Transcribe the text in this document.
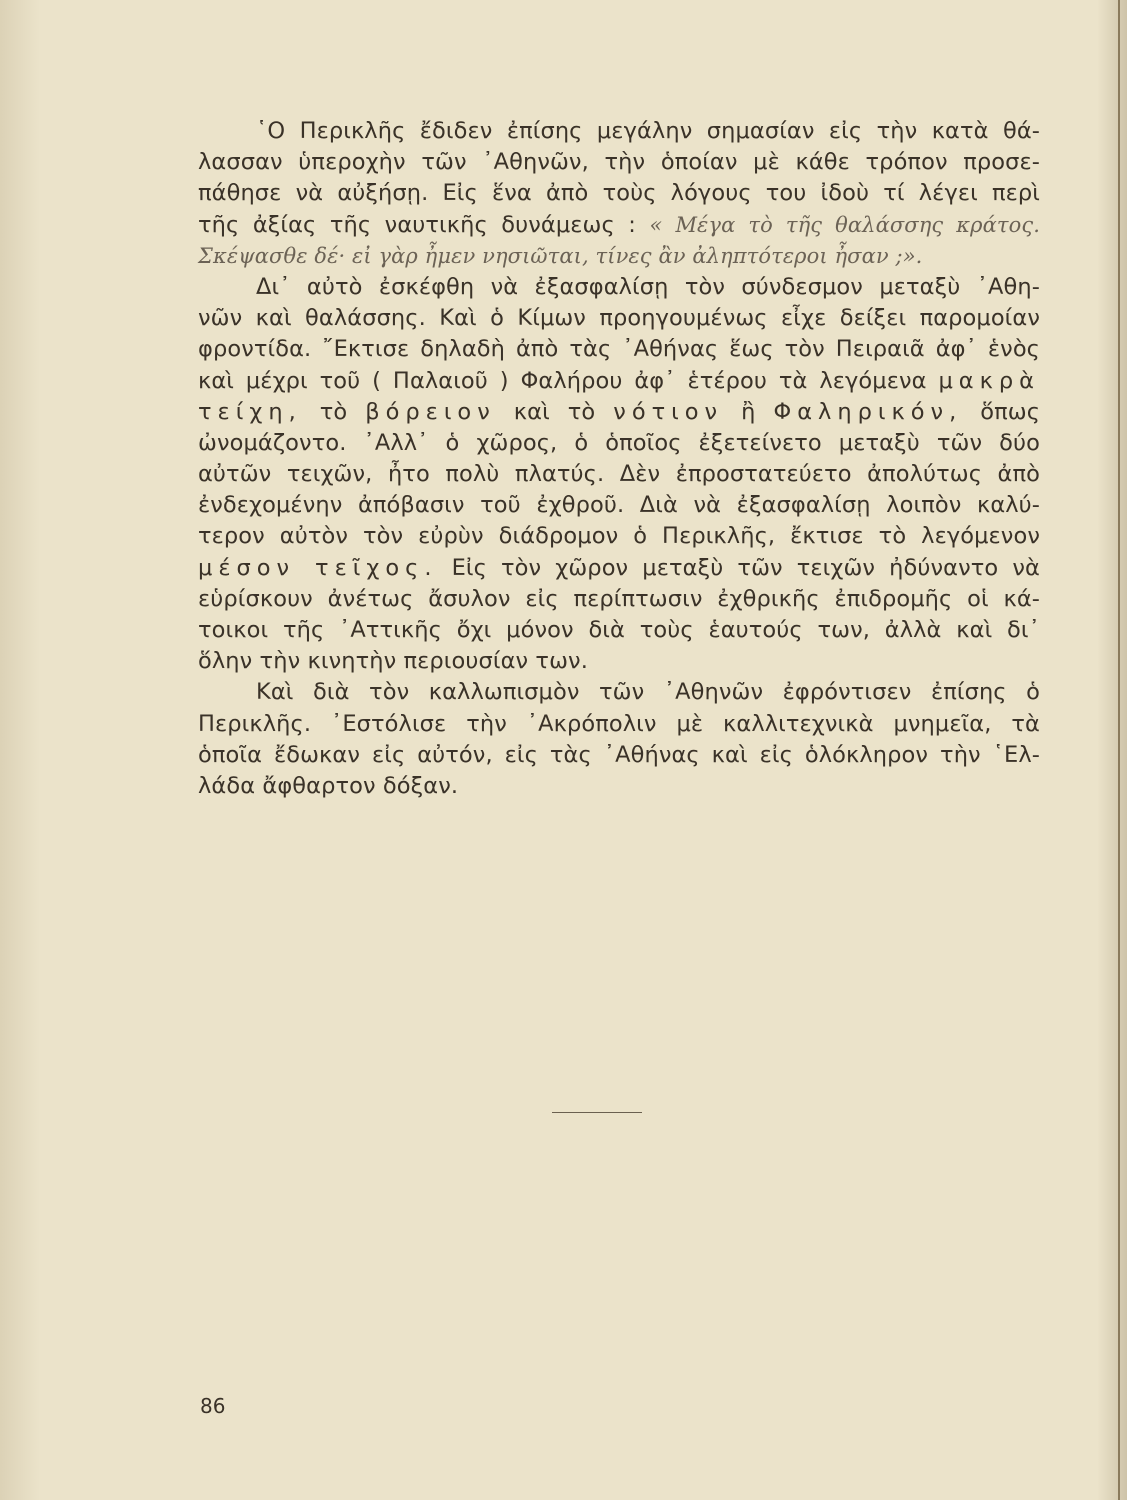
῾Ο Περικλῆς ἔδιδεν ἐπίσης μεγάλην σημασίαν εἰς τὴν κατὰ θά-
λασσαν ὑπεροχὴν τῶν ᾿Αθηνῶν, τὴν ὁποίαν μὲ κάθε τρόπον προσε-
πάθησε νὰ αὐξήσῃ. Εἰς ἕνα ἀπὸ τοὺς λόγους του ἰδοὺ τί λέγει περὶ
τῆς ἀξίας τῆς ναυτικῆς δυνάμεως : « Μέγα τὸ τῆς θαλάσσης κράτος.
Σκέψασθε δέ· εἰ γὰρ ἦμεν νησιῶται, τίνες ἂν ἀληπτότεροι ἦσαν ;».
Δι᾿ αὐτὸ ἐσκέφθη νὰ ἐξασφαλίσῃ τὸν σύνδεσμον μεταξὺ ᾿Αθη-
νῶν καὶ θαλάσσης. Καὶ ὁ Κίμων προηγουμένως εἶχε δείξει παρομοίαν
φροντίδα. ῎Εκτισε δηλαδὴ ἀπὸ τὰς ᾿Αθήνας ἕως τὸν Πειραιᾶ ἀφ᾿ ἑνὸς
καὶ μέχρι τοῦ ( Παλαιοῦ ) Φαλήρου ἀφ᾿ ἑτέρου τὰ λεγόμενα μακρὰ
τείχη, τὸ βόρειον καὶ τὸ νότιον ἢ Φαληρικόν, ὅπως
ὠνομάζοντο. ᾿Αλλ᾿ ὁ χῶρος, ὁ ὁποῖος ἐξετείνετο μεταξὺ τῶν δύο
αὐτῶν τειχῶν, ἦτο πολὺ πλατύς. Δὲν ἐπροστατεύετο ἀπολύτως ἀπὸ
ἐνδεχομένην ἀπόβασιν τοῦ ἐχθροῦ. Διὰ νὰ ἐξασφαλίσῃ λοιπὸν καλύ-
τερον αὐτὸν τὸν εὐρὺν διάδρομον ὁ Περικλῆς, ἔκτισε τὸ λεγόμενον
μέσον τεῖχος. Εἰς τὸν χῶρον μεταξὺ τῶν τειχῶν ἠδύναντο νὰ
εὑρίσκουν ἀνέτως ἄσυλον εἰς περίπτωσιν ἐχθρικῆς ἐπιδρομῆς οἱ κά-
τοικοι τῆς ᾿Αττικῆς ὄχι μόνον διὰ τοὺς ἑαυτούς των, ἀλλὰ καὶ δι᾿
ὅλην τὴν κινητὴν περιουσίαν των.
Καὶ διὰ τὸν καλλωπισμὸν τῶν ᾿Αθηνῶν ἐφρόντισεν ἐπίσης ὁ
Περικλῆς. ᾿Εστόλισε τὴν ᾿Ακρόπολιν μὲ καλλιτεχνικὰ μνημεῖα, τὰ
ὁποῖα ἔδωκαν εἰς αὐτόν, εἰς τὰς ᾿Αθήνας καὶ εἰς ὁλόκληρον τὴν ῾Ελ-
λάδα ἄφθαρτον δόξαν.
86
